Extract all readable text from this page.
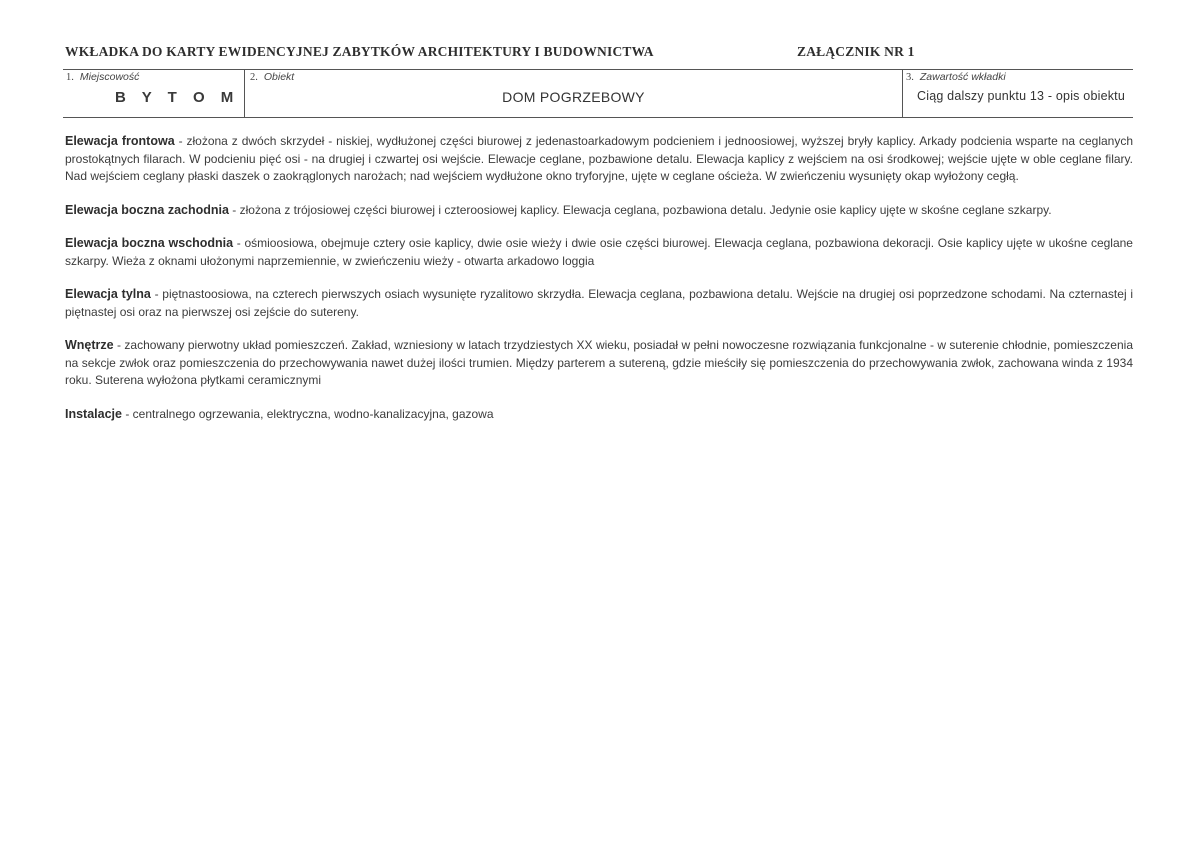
WKŁADKA DO KARTY EWIDENCYJNEJ ZABYTKÓW ARCHITEKTURY I BUDOWNICTWA	ZAŁĄCZNIK NR 1
1. Miejscowość
B Y T O M
2. Obiekt
DOM POGRZEBOWY
3. Zawartość wkładki
Ciąg dalszy punktu 13 - opis obiektu

Elewacja frontowa - złożona z dwóch skrzydeł - niskiej, wydłużonej części biurowej z jedenastoarkadowym podcieniem i jednoosiowej, wyższej bryły kaplicy. Arkady podcienia wsparte na ceglanych prostokątnych filarach. W podcieniu pięć osi - na drugiej i czwartej osi wejście. Elewacje ceglane, pozbawione detalu. Elewacja kaplicy z wejściem na osi środkowej; wejście ujęte w oble ceglane filary. Nad wejściem ceglany płaski daszek o zaokrąglonych narożach; nad wejściem wydłużone okno tryforyjne, ujęte w ceglane ościeża. W zwieńczeniu wysunięty okap wyłożony cegłą.

Elewacja boczna zachodnia - złożona z trójosiowej części biurowej i czteroosiowej kaplicy. Elewacja ceglana, pozbawiona detalu. Jedynie osie kaplicy ujęte w skośne ceglane szkarpy.

Elewacja boczna wschodnia - ośmioosiowa, obejmuje cztery osie kaplicy, dwie osie wieży i dwie osie części biurowej. Elewacja ceglana, pozbawiona dekoracji. Osie kaplicy ujęte w ukośne ceglane szkarpy. Wieża z oknami ułożonymi naprzemiennie, w zwieńczeniu wieży - otwarta arkadowo loggia

Elewacja tylna - piętnastoosiowa, na czterech pierwszych osiach wysunięte ryzalitowo skrzydła. Elewacja ceglana, pozbawiona detalu. Wejście na drugiej osi poprzedzone schodami. Na czternastej i piętnastej osi oraz na pierwszej osi zejście do sutereny.

Wnętrze - zachowany pierwotny układ pomieszczeń. Zakład, wzniesiony w latach trzydziestych XX wieku, posiadał w pełni nowoczesne rozwiązania funkcjonalne - w suterenie chłodnie, pomieszczenia na sekcje zwłok oraz pomieszczenia do przechowywania nawet dużej ilości trumien. Między parterem a sutereną, gdzie mieściły się pomieszczenia do przechowywania zwłok, zachowana winda z 1934 roku. Suterena wyłożona płytkami ceramicznymi

Instalacje - centralnego ogrzewania, elektryczna, wodno-kanalizacyjna, gazowa
